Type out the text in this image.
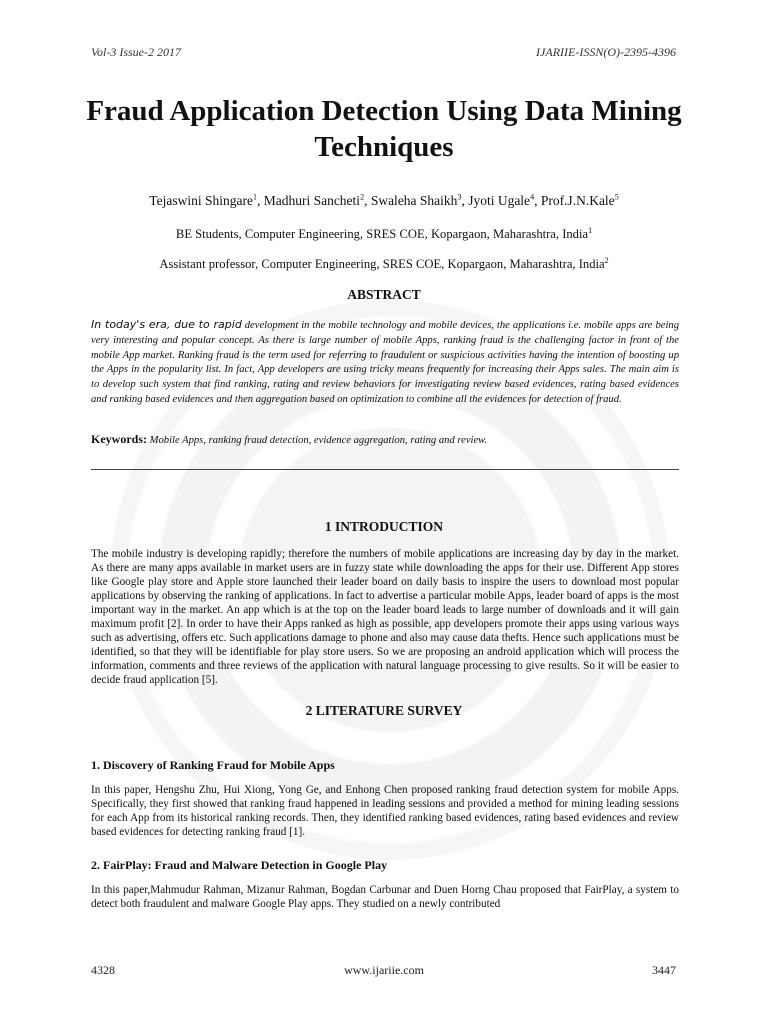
Vol-3 Issue-2 2017	IJARIIE-ISSN(O)-2395-4396
Fraud Application Detection Using Data Mining Techniques
Tejaswini Shingare$^1$, Madhuri Sancheti$^2$, Swaleha Shaikh$^3$, Jyoti Ugale$^4$, Prof.J.N.Kale$^5$
BE Students, Computer Engineering, SRES COE, Kopargaon, Maharashtra, India$^1$
Assistant professor, Computer Engineering, SRES COE, Kopargaon, Maharashtra, India$^2$
ABSTRACT

In today's era, due to rapid development in the mobile technology and mobile devices, the applications i.e. mobile apps are being very interesting and popular concept. As there is large number of mobile Apps, ranking fraud is the challenging factor in front of the mobile App market. Ranking fraud is the term used for referring to fraudulent or suspicious activities having the intention of boosting up the Apps in the popularity list. In fact, App developers are using tricky means frequently for increasing their Apps sales. The main aim is to develop such system that find ranking, rating and review behaviors for investigating review based evidences, rating based evidences and ranking based evidences and then aggregation based on optimization to combine all the evidences for detection of fraud.

Keywords: Mobile Apps, ranking fraud detection, evidence aggregation, rating and review.

1 INTRODUCTION

The mobile industry is developing rapidly; therefore the numbers of mobile applications are increasing day by day in the market. As there are many apps available in market users are in fuzzy state while downloading the apps for their use. Different App stores like Google play store and Apple store launched their leader board on daily basis to inspire the users to download most popular applications by observing the ranking of applications. In fact to advertise a particular mobile Apps, leader board of apps is the most important way in the market. An app which is at the top on the leader board leads to large number of downloads and it will gain maximum profit [2]. In order to have their Apps ranked as high as possible, app developers promote their apps using various ways such as advertising, offers etc. Such applications damage to phone and also may cause data thefts. Hence such applications must be identified, so that they will be identifiable for play store users. So we are proposing an android application which will process the information, comments and three reviews of the application with natural language processing to give results. So it will be easier to decide fraud application [5].

2 LITERATURE SURVEY
1. Discovery of Ranking Fraud for Mobile Apps

In this paper, Hengshu Zhu, Hui Xiong, Yong Ge, and Enhong Chen proposed ranking fraud detection system for mobile Apps. Specifically, they first showed that ranking fraud happened in leading sessions and provided a method for mining leading sessions for each App from its historical ranking records. Then, they identified ranking based evidences, rating based evidences and review based evidences for detecting ranking fraud [1].

2. FairPlay: Fraud and Malware Detection in Google Play

In this paper,Mahmudur Rahman, Mizanur Rahman, Bogdan Carbunar and Duen Horng Chau proposed that FairPlay, a system to detect both fraudulent and malware Google Play apps. They studied on a newly contributed

4328	www.ijariie.com	3447
